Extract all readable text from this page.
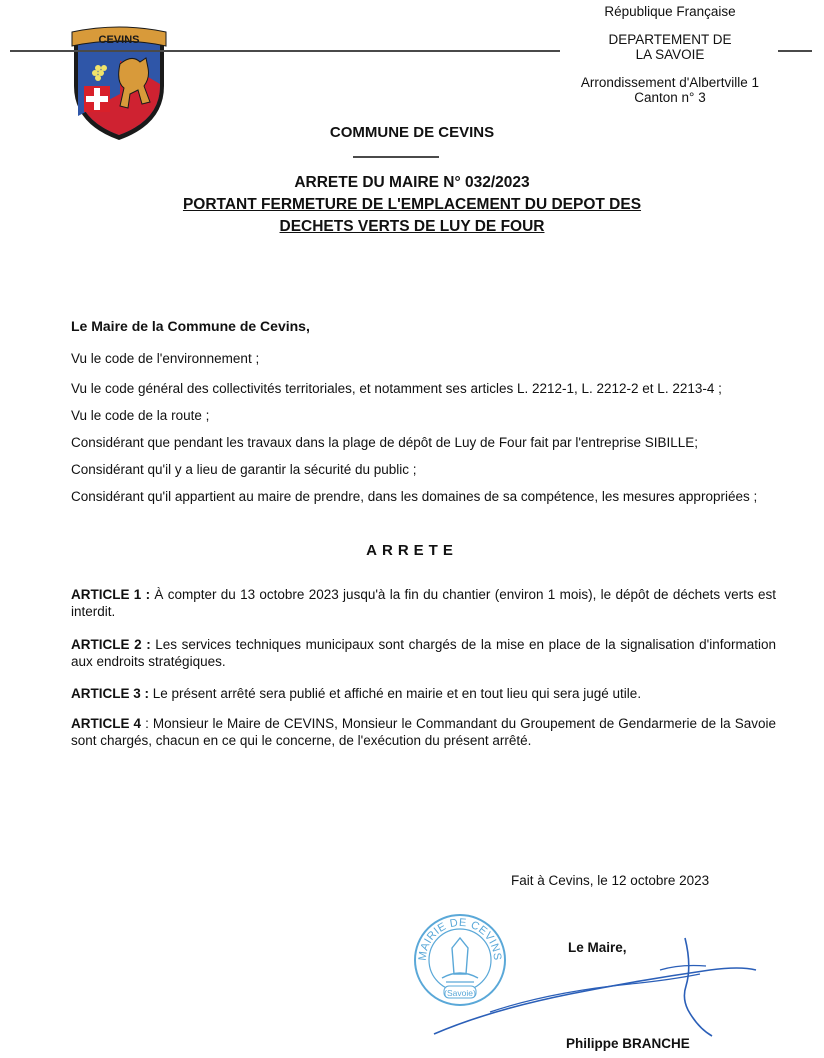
CEVINS
République Française
DEPARTEMENT DE
LA SAVOIE
Arrondissement d'Albertville 1
Canton n° 3
COMMUNE DE CEVINS
ARRETE DU MAIRE N° 032/2023
PORTANT FERMETURE DE L'EMPLACEMENT DU DEPOT DES
DECHETS VERTS DE LUY DE FOUR
Le Maire de la Commune de Cevins,
Vu le code de l'environnement ;
Vu le code général des collectivités territoriales, et notamment ses articles L. 2212-1, L. 2212-2 et L. 2213-4 ;
Vu le code de la route ;
Considérant que pendant les travaux dans la plage de dépôt de Luy de Four fait par l'entreprise SIBILLE;
Considérant qu'il y a lieu de garantir la sécurité du public ;
Considérant qu'il appartient au maire de prendre, dans les domaines de sa compétence, les mesures appropriées ;
ARRETE
ARTICLE 1 : À compter du 13 octobre 2023 jusqu'à la fin du chantier (environ 1 mois), le dépôt de déchets verts est interdit.
ARTICLE 2 : Les services techniques municipaux sont chargés de la mise en place de la signalisation d'information aux endroits stratégiques.
ARTICLE 3 : Le présent arrêté sera publié et affiché en mairie et en tout lieu qui sera jugé utile.
ARTICLE 4 : Monsieur le Maire de CEVINS, Monsieur le Commandant du Groupement de Gendarmerie de la Savoie sont chargés, chacun en ce qui le concerne, de l'exécution du présent arrêté.
Fait à Cevins, le 12 octobre 2023
Le Maire,
Philippe BRANCHE
MAIRIE DE CEVINS
(Savoie)
